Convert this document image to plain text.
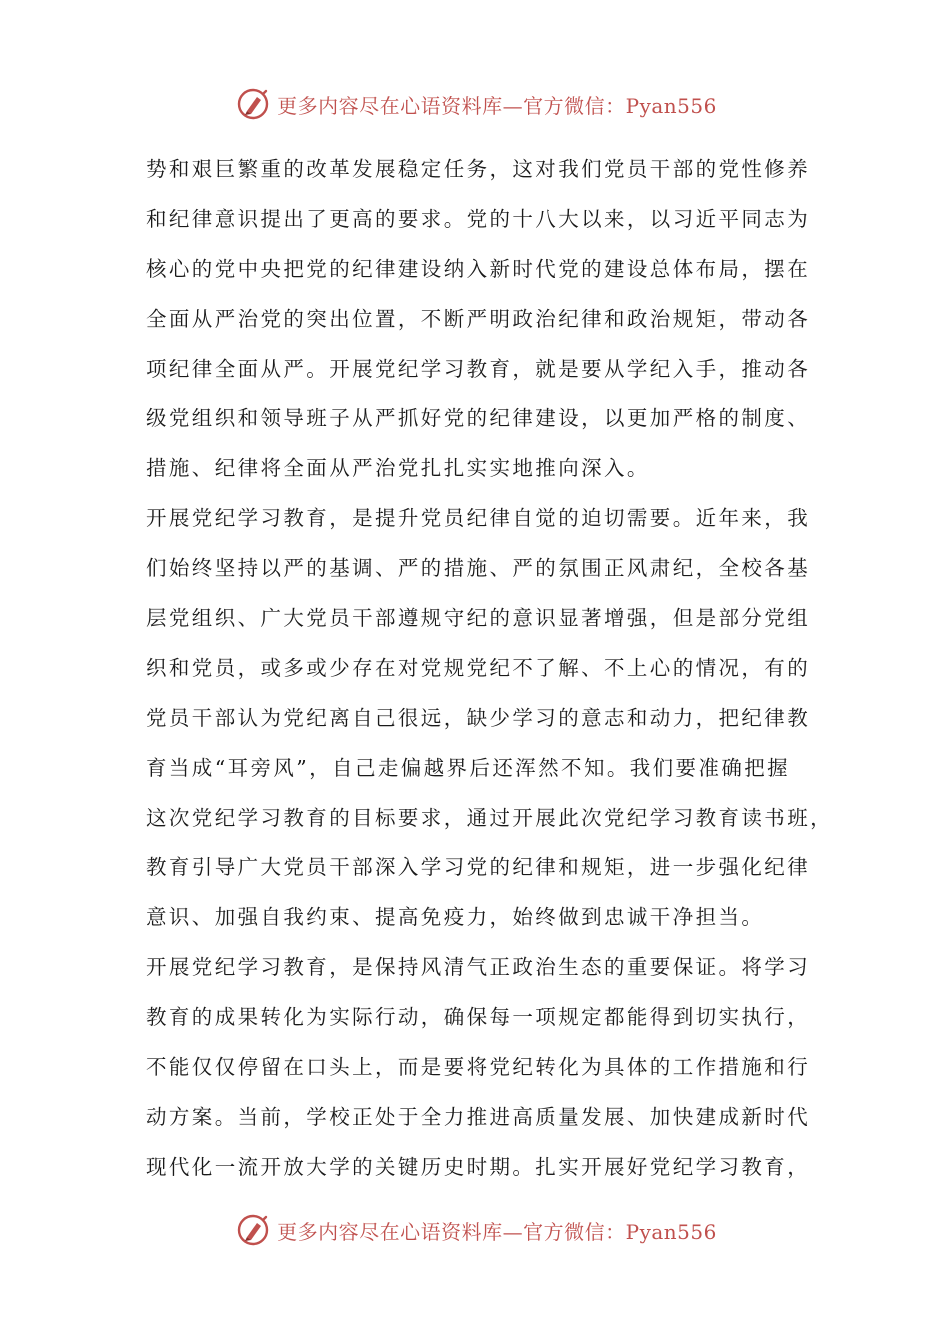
更多内容尽在心语资料库—官方微信：Pyan556
势和艰巨繁重的改革发展稳定任务，这对我们党员干部的党性修养
和纪律意识提出了更高的要求。党的十八大以来，以习近平同志为
核心的党中央把党的纪律建设纳入新时代党的建设总体布局，摆在
全面从严治党的突出位置，不断严明政治纪律和政治规矩，带动各
项纪律全面从严。开展党纪学习教育，就是要从学纪入手，推动各
级党组织和领导班子从严抓好党的纪律建设，以更加严格的制度、
措施、纪律将全面从严治党扎扎实实地推向深入。
开展党纪学习教育，是提升党员纪律自觉的迫切需要。近年来，我
们始终坚持以严的基调、严的措施、严的氛围正风肃纪，全校各基
层党组织、广大党员干部遵规守纪的意识显著增强，但是部分党组
织和党员，或多或少存在对党规党纪不了解、不上心的情况，有的
党员干部认为党纪离自己很远，缺少学习的意志和动力，把纪律教
育当成“耳旁风”，自己走偏越界后还浑然不知。我们要准确把握
这次党纪学习教育的目标要求，通过开展此次党纪学习教育读书班，
教育引导广大党员干部深入学习党的纪律和规矩，进一步强化纪律
意识、加强自我约束、提高免疫力，始终做到忠诚干净担当。
开展党纪学习教育，是保持风清气正政治生态的重要保证。将学习
教育的成果转化为实际行动，确保每一项规定都能得到切实执行，
不能仅仅停留在口头上，而是要将党纪转化为具体的工作措施和行
动方案。当前，学校正处于全力推进高质量发展、加快建成新时代
现代化一流开放大学的关键历史时期。扎实开展好党纪学习教育，
更多内容尽在心语资料库—官方微信：Pyan556
